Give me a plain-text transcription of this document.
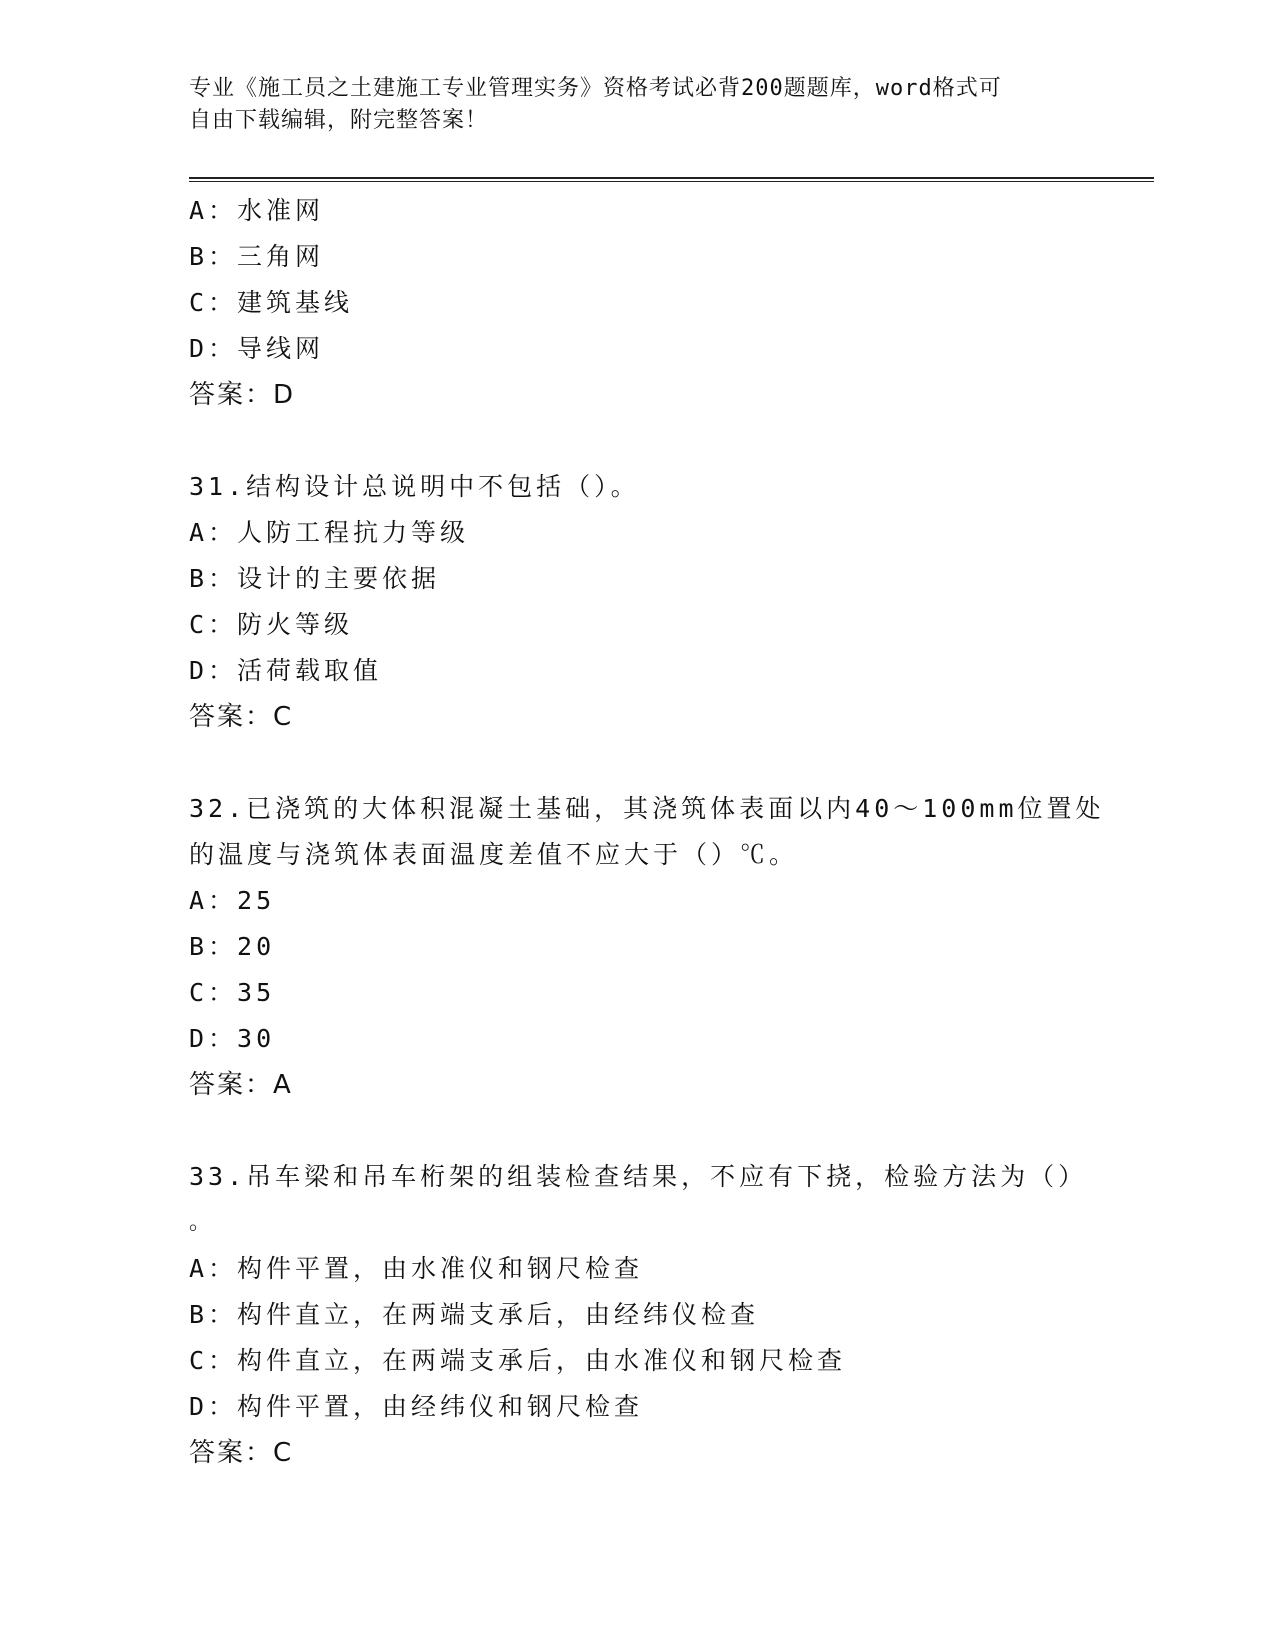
专业《施工员之土建施工专业管理实务》资格考试必背200题题库，word格式可
自由下载编辑，附完整答案！
A：水准网
B：三角网
C：建筑基线
D：导线网
答案：D
31.结构设计总说明中不包括（）。
A：人防工程抗力等级
B：设计的主要依据
C：防火等级
D：活荷载取值
答案：C
32.已浇筑的大体积混凝土基础，其浇筑体表面以内40～100mm位置处
的温度与浇筑体表面温度差值不应大于（）℃。
A：25
B：20
C：35
D：30
答案：A
33.吊车梁和吊车桁架的组装检查结果，不应有下挠，检验方法为（）
。
A：构件平置，由水准仪和钢尺检查
B：构件直立，在两端支承后，由经纬仪检查
C：构件直立，在两端支承后，由水准仪和钢尺检查
D：构件平置，由经纬仪和钢尺检查
答案：C
